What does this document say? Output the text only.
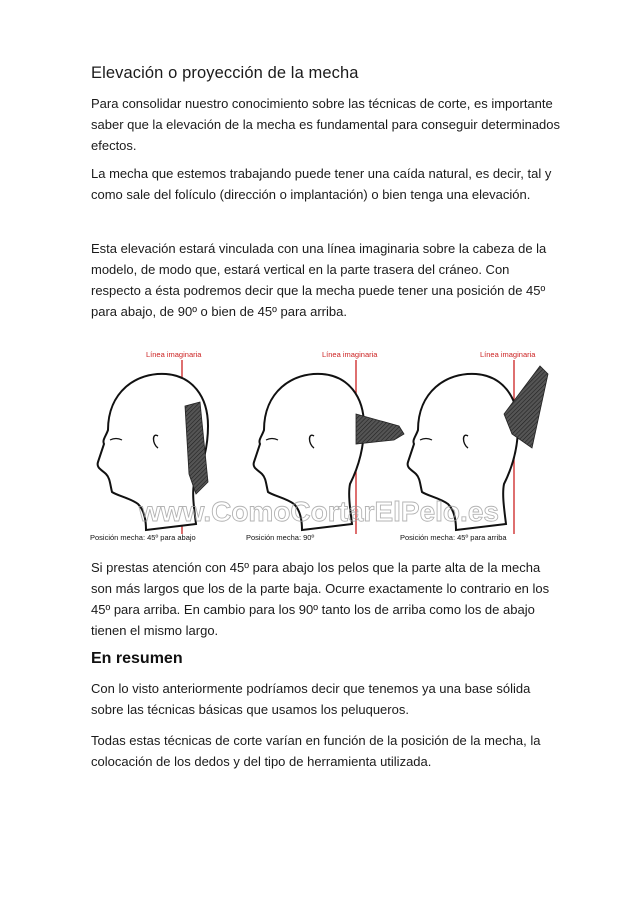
Elevación o proyección de la mecha

Para consolidar nuestro conocimiento sobre las técnicas de corte, es importante saber que la elevación de la mecha es fundamental para conseguir determinados efectos.

La mecha que estemos trabajando puede tener una caída natural, es decir, tal y como sale del folículo (dirección o implantación) o bien tenga una elevación.

Esta elevación estará vinculada con una línea imaginaria sobre la cabeza de la modelo, de modo que, estará vertical en la parte trasera del cráneo. Con respecto a ésta podremos decir que la mecha puede tener una posición de 45º para abajo, de 90º o bien de 45º para arriba.

Línea imaginaria
Posición mecha: 45º para abajo
Línea imaginaria
Posición mecha: 90º
Línea imaginaria
Posición mecha: 45º para arriba
www.ComoCortarElPelo.es

Si prestas atención con 45º para abajo los pelos que la parte alta de la mecha son más largos que los de la parte baja. Ocurre exactamente lo contrario en los 45º para arriba. En cambio para los 90º tanto los de arriba como los de abajo tienen el mismo largo.

En resumen

Con lo visto anteriormente podríamos decir que tenemos ya una base sólida sobre las técnicas básicas que usamos los peluqueros.

Todas estas técnicas de corte varían en función de la posición de la mecha, la colocación de los dedos y del tipo de herramienta utilizada.
